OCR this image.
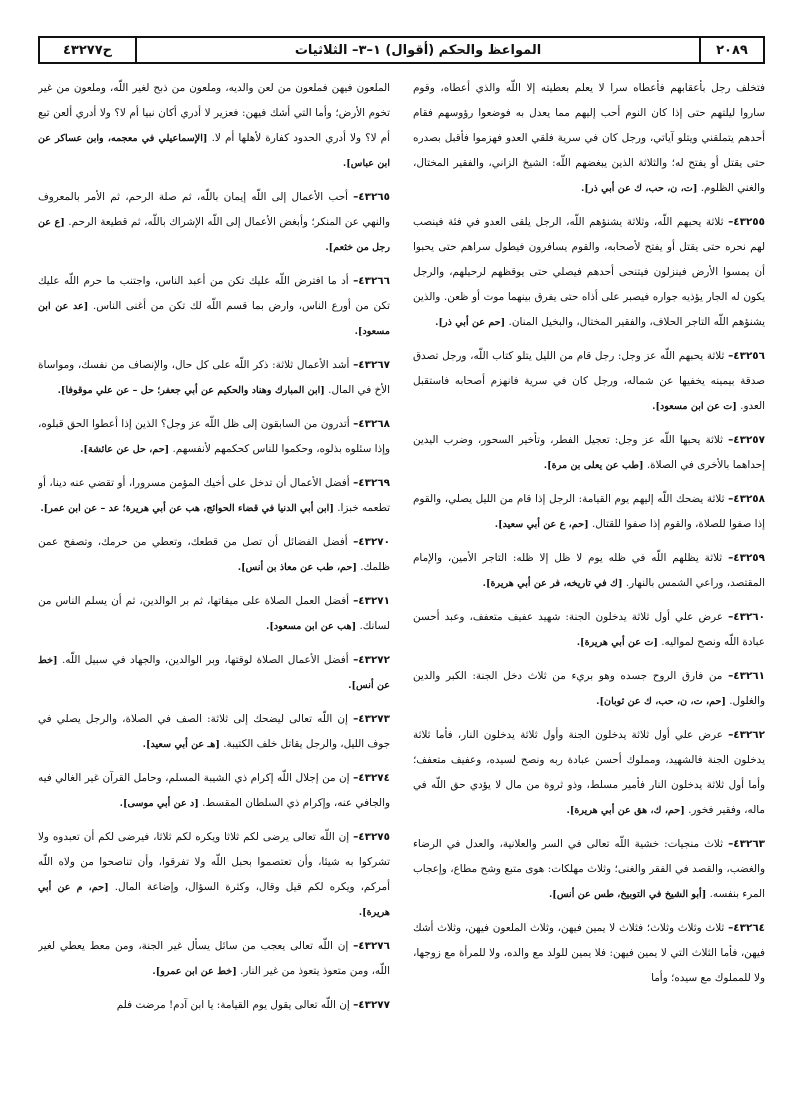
٢٠٨٩
المواعظ والحكم (أقوال) ١–٣– الثلاثيات
ح٤٣٢٧٧

فتخلف رجل بأعقابهم فأعطاه سرا لا يعلم بعطيته إلا اللّه والذي أعطاه، وقوم ساروا ليلتهم حتى إذا كان النوم أحب إليهم مما يعدل به فوضعوا رؤوسهم فقام أحدهم يتملقني ويتلو آياتي، ورجل كان في سرية فلقي العدو فهزموا فأقبل بصدره حتى يقتل أو يفتح له؛ والثلاثة الذين يبغضهم اللّه: الشيخ الزاني، والفقير المختال، والغني الظلوم. [ت، ن، حب، ك عن أبي ذر].

٤٣٢٥٥– ثلاثة يحبهم اللّه، وثلاثة يشنؤهم اللّه، الرجل يلقى العدو في فئة فينصب لهم نحره حتى يقتل أو يفتح لأصحابه، والقوم يسافرون فيطول سراهم حتى يحبوا أن يمسوا الأرض فينزلون فيتنحى أحدهم فيصلي حتى يوقظهم لرحيلهم، والرجل يكون له الجار يؤذيه جواره فيصبر على أذاه حتى يفرق بينهما موت أو ظعن. والذين يشنؤهم اللّه التاجر الحلاف، والفقير المختال، والبخيل المنان. [حم عن أبي ذر].

٤٣٢٥٦– ثلاثة يحبهم اللّه عز وجل: رجل قام من الليل يتلو كتاب اللّه، ورجل تصدق صدقة بيمينه يخفيها عن شماله، ورجل كان في سرية فانهزم أصحابه فاستقبل العدو. [ت عن ابن مسعود].

٤٣٢٥٧– ثلاثة يحبها اللّه عز وجل: تعجيل الفطر، وتأخير السحور، وضرب اليدين إحداهما بالأخرى في الصلاة. [طب عن يعلى بن مرة].

٤٣٢٥٨– ثلاثة يضحك اللّه إليهم يوم القيامة: الرجل إذا قام من الليل يصلي، والقوم إذا صفوا للصلاة، والقوم إذا صفوا للقتال. [حم، ع عن أبي سعيد].

٤٣٢٥٩– ثلاثة يظلهم اللّه في ظله يوم لا ظل إلا ظله: التاجر الأمين، والإمام المقتصد، وراعي الشمس بالنهار. [ك في تاريخه، فر عن أبي هريرة].

٤٣٢٦٠– عرض علي أول ثلاثة يدخلون الجنة: شهيد عفيف متعفف، وعبد أحسن عبادة اللّه ونصح لمواليه. [ت عن أبي هريرة].

٤٣٢٦١– من فارق الروح جسده وهو بريء من ثلاث دخل الجنة: الكبر والدين والغلول. [حم، ت، ن، حب، ك عن ثوبان].

٤٣٢٦٢– عرض علي أول ثلاثة يدخلون الجنة وأول ثلاثة يدخلون النار، فأما ثلاثة يدخلون الجنة فالشهيد، ومملوك أحسن عبادة ربه ونصح لسيده، وعفيف متعفف؛ وأما أول ثلاثة يدخلون النار فأمير مسلط، وذو ثروة من مال لا يؤدي حق اللّه في ماله، وفقير فخور. [حم، ك، هق عن أبي هريرة].

٤٣٢٦٣– ثلاث منجيات: خشية اللّه تعالى في السر والعلانية، والعدل في الرضاء والغضب، والقصد في الفقر والغنى؛ وثلاث مهلكات: هوى متبع وشح مطاع، وإعجاب المرء بنفسه. [أبو الشيخ في التوبيخ، طس عن أنس].

٤٣٢٦٤– ثلاث وثلاث وثلاث؛ فثلاث لا يمين فيهن، وثلاث الملعون فيهن، وثلاث أشك فيهن، فأما الثلاث التي لا يمين فيهن: فلا يمين للولد مع والده، ولا للمرأة مع زوجها، ولا للمملوك مع سيده؛ وأما

الملعون فيهن فملعون من لعن والديه، وملعون من ذبح لغير اللّه، وملعون من غير تخوم الأرض؛ وأما التي أشك فيهن: فعزير لا أدري أكان نبيا أم لا؟ ولا أدري ألعن تبع أم لا؟ ولا أدري الحدود كفارة لأهلها أم لا. [الإسماعيلي في معجمه، وابن عساكر عن ابن عباس].

٤٣٢٦٥– أحب الأعمال إلى اللّه إيمان باللّه، ثم صلة الرحم، ثم الأمر بالمعروف والنهي عن المنكر؛ وأبغض الأعمال إلى اللّه الإشراك باللّه، ثم قطيعة الرحم. [ع عن رجل من خثعم].

٤٣٢٦٦– أد ما افترض اللّه عليك تكن من أعبد الناس، واجتنب ما حرم اللّه عليك تكن من أورع الناس، وارض بما قسم اللّه لك تكن من أغنى الناس. [عد عن ابن مسعود].

٤٣٢٦٧– أشد الأعمال ثلاثة: ذكر اللّه على كل حال، والإنصاف من نفسك، ومواساة الأخ في المال. [ابن المبارك وهناد والحكيم عن أبي جعفر؛ حل – عن علي موقوفا].

٤٣٢٦٨– أتدرون من السابقون إلى ظل اللّه عز وجل؟ الذين إذا أعطوا الحق قبلوه، وإذا سئلوه بذلوه، وحكموا للناس كحكمهم لأنفسهم. [حم، حل عن عائشة].

٤٣٢٦٩– أفضل الأعمال أن تدخل على أخيك المؤمن مسرورا، أو تقضي عنه دينا، أو تطعمه خبزا. [ابن أبي الدنيا في قضاء الحوائج، هب عن أبي هريرة؛ عد – عن ابن عمر].

٤٣٢٧٠– أفضل الفضائل أن تصل من قطعك، وتعطي من حرمك، وتصفح عمن ظلمك. [حم، طب عن معاذ بن أنس].

٤٣٢٧١– أفضل العمل الصلاة على ميقاتها، ثم بر الوالدين، ثم أن يسلم الناس من لسانك. [هب عن ابن مسعود].

٤٣٢٧٢– أفضل الأعمال الصلاة لوقتها، وبر الوالدين، والجهاد في سبيل اللّه. [خط عن أنس].

٤٣٢٧٣– إن اللّه تعالى ليضحك إلى ثلاثة: الصف في الصلاة، والرجل يصلي في جوف الليل، والرجل يقاتل خلف الكتيبة. [هـ عن أبي سعيد].

٤٣٢٧٤– إن من إجلال اللّه إكرام ذي الشيبة المسلم، وحامل القرآن غير الغالي فيه والجافي عنه، وإكرام ذي السلطان المقسط. [د عن أبي موسى].

٤٣٢٧٥– إن اللّه تعالى يرضى لكم ثلاثا ويكره لكم ثلاثا، فيرضى لكم أن تعبدوه ولا تشركوا به شيئا، وأن تعتصموا بحبل اللّه ولا تفرقوا، وأن تناصحوا من ولاه اللّه أمركم، ويكره لكم قيل وقال، وكثرة السؤال، وإضاعة المال. [حم، م عن أبي هريرة].

٤٣٢٧٦– إن اللّه تعالى يعجب من سائل يسأل غير الجنة، ومن معط يعطي لغير اللّه، ومن متعوذ يتعوذ من غير النار. [خط عن ابن عمرو].

٤٣٢٧٧– إن اللّه تعالى يقول يوم القيامة: يا ابن آدم! مرضت فلم
